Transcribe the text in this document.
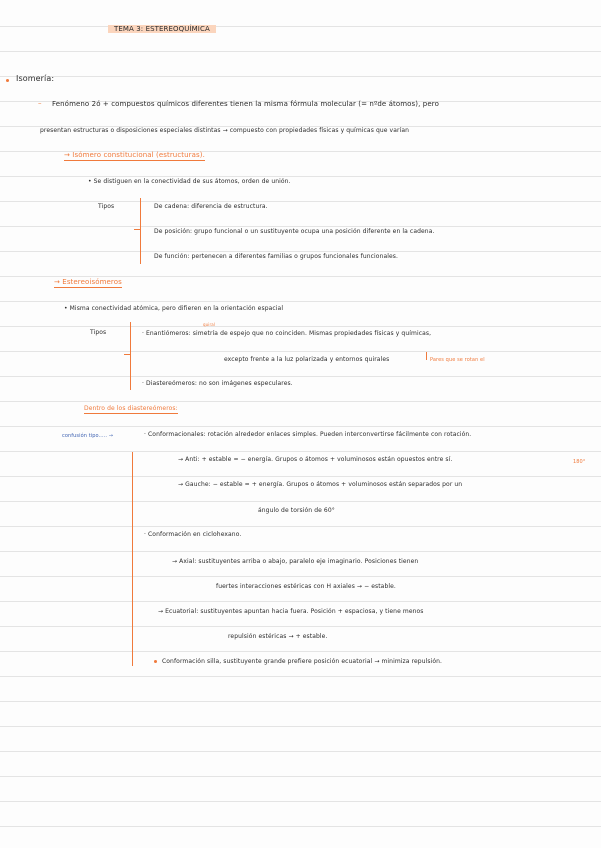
TEMA 3: ESTEREOQUÍMICA
Isomería:
– Fenómeno 2ó + compuestos químicos diferentes tienen la misma fórmula molecular (= nºde átomos), pero
presentan estructuras o disposiciones especiales distintas → compuesto con propiedades físicas y químicas que varían
→ Isómero constitucional (estructuras).
• Se distiguen en la conectividad de sus átomos, orden de unión.
Tipos	De cadena: diferencia de estructura.
De posición: grupo funcional o un sustituyente ocupa una posición diferente en la cadena.
De función: pertenecen a diferentes familias o grupos funcionales funcionales.
→ Estereoisómeros
• Misma conectividad atómica, pero difieren en la orientación espacial
Tipos
quiral
· Enantiómeros: simetría de espejo que no coinciden. Mismas propiedades físicas y químicas,
excepto frente a la luz polarizada y entornos quirales	Pares que se rotan el
· Diastereómeros: no son imágenes especulares.
Dentro de los diastereómeros:
confusión tipo..... →	· Conformacionales: rotación alrededor enlaces simples. Pueden interconvertirse fácilmente con rotación.
→ Anti: + estable = − energía. Grupos o átomos + voluminosos están opuestos entre sí.	180°
→ Gauche: − estable = + energía. Grupos o átomos + voluminosos están separados por un
ángulo de torsión de 60°
· Conformación en ciclohexano.
→ Axial: sustituyentes arriba o abajo, paralelo eje imaginario. Posiciones tienen
fuertes interacciones estéricas con H axiales → − estable.
→ Ecuatorial: sustituyentes apuntan hacia fuera. Posición + espaciosa, y tiene menos
repulsión estéricas → + estable.
Conformación silla, sustituyente grande prefiere posición ecuatorial → minimiza repulsión.
